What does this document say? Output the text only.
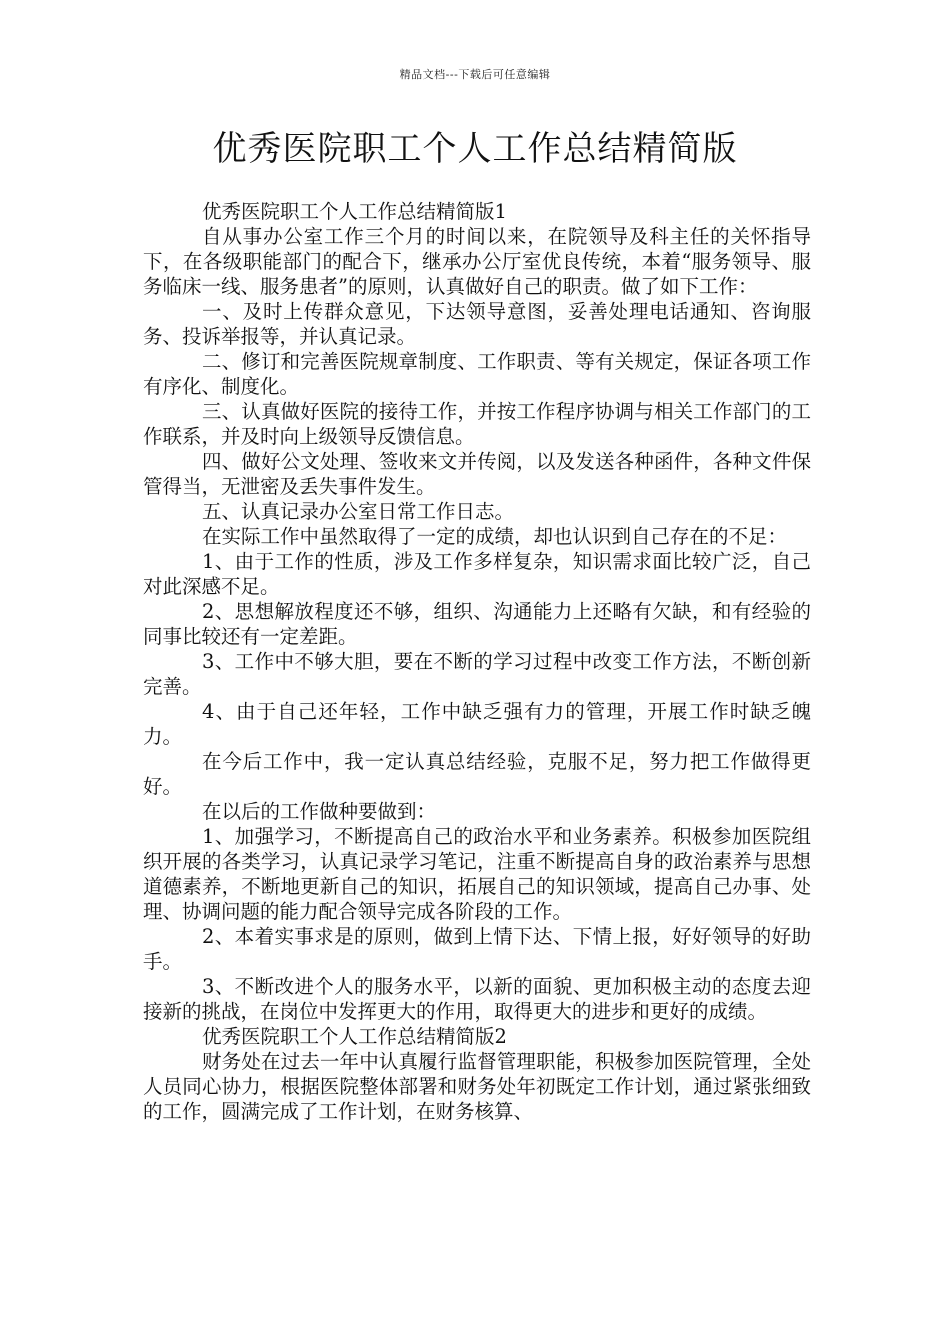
精品文档---下载后可任意编辑
优秀医院职工个人工作总结精简版

优秀医院职工个人工作总结精简版1

自从事办公室工作三个月的时间以来，在院领导及科主任的关怀指导下，在各级职能部门的配合下，继承办公厅室优良传统，本着“服务领导、服务临床一线、服务患者”的原则，认真做好自己的职责。做了如下工作：

一、及时上传群众意见，下达领导意图，妥善处理电话通知、咨询服务、投诉举报等，并认真记录。

二、修订和完善医院规章制度、工作职责、等有关规定，保证各项工作有序化、制度化。

三、认真做好医院的接待工作，并按工作程序协调与相关工作部门的工作联系，并及时向上级领导反馈信息。

四、做好公文处理、签收来文并传阅，以及发送各种函件，各种文件保管得当，无泄密及丢失事件发生。

五、认真记录办公室日常工作日志。

在实际工作中虽然取得了一定的成绩，却也认识到自己存在的不足：

1、由于工作的性质，涉及工作多样复杂，知识需求面比较广泛，自己对此深感不足。

2、思想解放程度还不够，组织、沟通能力上还略有欠缺，和有经验的同事比较还有一定差距。

3、工作中不够大胆，要在不断的学习过程中改变工作方法，不断创新完善。

4、由于自己还年轻，工作中缺乏强有力的管理，开展工作时缺乏魄力。

在今后工作中，我一定认真总结经验，克服不足，努力把工作做得更好。

在以后的工作做种要做到：

1、加强学习，不断提高自己的政治水平和业务素养。积极参加医院组织开展的各类学习，认真记录学习笔记，注重不断提高自身的政治素养与思想道德素养，不断地更新自己的知识，拓展自己的知识领域，提高自己办事、处理、协调问题的能力配合领导完成各阶段的工作。

2、本着实事求是的原则，做到上情下达、下情上报，好好领导的好助手。

3、不断改进个人的服务水平，以新的面貌、更加积极主动的态度去迎接新的挑战，在岗位中发挥更大的作用，取得更大的进步和更好的成绩。

优秀医院职工个人工作总结精简版2

财务处在过去一年中认真履行监督管理职能，积极参加医院管理，全处人员同心协力，根据医院整体部署和财务处年初既定工作计划，通过紧张细致的工作，圆满完成了工作计划，在财务核算、
